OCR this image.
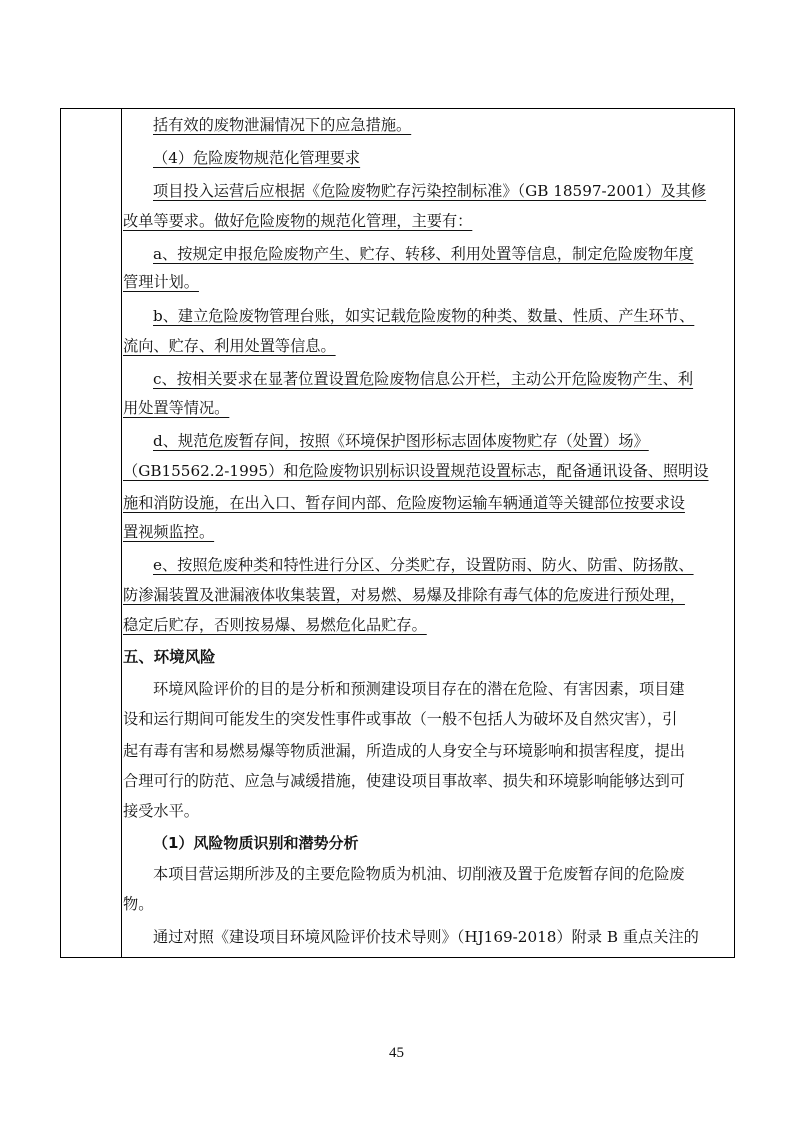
括有效的废物泄漏情况下的应急措施。
（4）危险废物规范化管理要求
项目投入运营后应根据《危险废物贮存污染控制标准》（GB 18597-2001）及其修
改单等要求。做好危险废物的规范化管理，主要有：
a、按规定申报危险废物产生、贮存、转移、利用处置等信息，制定危险废物年度
管理计划。
b、建立危险废物管理台账，如实记载危险废物的种类、数量、性质、产生环节、
流向、贮存、利用处置等信息。
c、按相关要求在显著位置设置危险废物信息公开栏，主动公开危险废物产生、利
用处置等情况。
d、规范危废暂存间，按照《环境保护图形标志固体废物贮存（处置）场》
（GB15562.2-1995）和危险废物识别标识设置规范设置标志，配备通讯设备、照明设
施和消防设施，在出入口、暂存间内部、危险废物运输车辆通道等关键部位按要求设
置视频监控。
e、按照危废种类和特性进行分区、分类贮存，设置防雨、防火、防雷、防扬散、
防渗漏装置及泄漏液体收集装置，对易燃、易爆及排除有毒气体的危废进行预处理，
稳定后贮存，否则按易爆、易燃危化品贮存。
五、环境风险
环境风险评价的目的是分析和预测建设项目存在的潜在危险、有害因素，项目建
设和运行期间可能发生的突发性事件或事故（一般不包括人为破坏及自然灾害），引
起有毒有害和易燃易爆等物质泄漏，所造成的人身安全与环境影响和损害程度，提出
合理可行的防范、应急与减缓措施，使建设项目事故率、损失和环境影响能够达到可
接受水平。
（1）风险物质识别和潜势分析
本项目营运期所涉及的主要危险物质为机油、切削液及置于危废暂存间的危险废
物。
通过对照《建设项目环境风险评价技术导则》（HJ169-2018）附录 B 重点关注的
45
